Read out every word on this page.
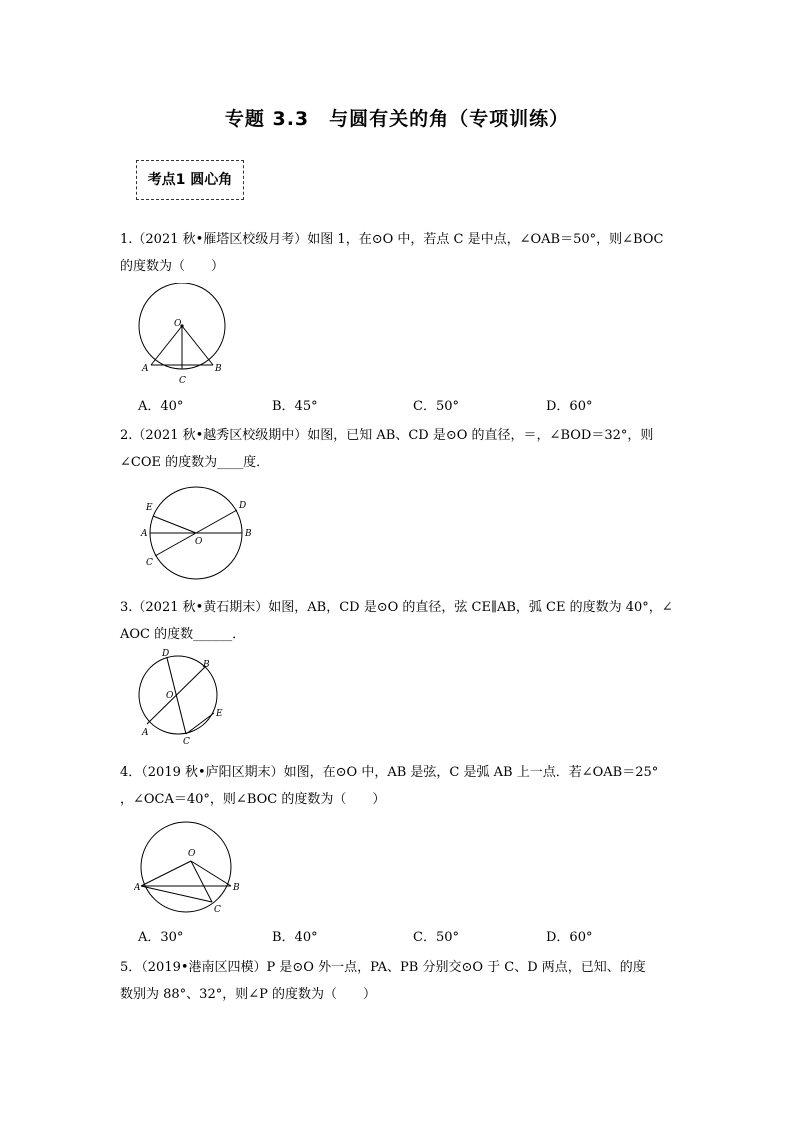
专题 3.3　与圆有关的角（专项训练）
考点1 圆心角
1.（2021 秋•雁塔区校级月考）如图 1，在⊙O 中，若点 C 是中点，∠OAB＝50°，则∠BOC
的度数为（　　）
O
A	B
C
A．40°	B．45°	C．50°	D．60°
2.（2021 秋•越秀区校级期中）如图，已知 AB、CD 是⊙O 的直径，＝，∠BOD＝32°，则
∠COE 的度数为____度．
E	D
A
O
B
C
3.（2021 秋•黄石期末）如图，AB，CD 是⊙O 的直径，弦 CE∥AB，弧 CE 的度数为 40°，∠
AOC 的度数______．
D
B
O
E
A
C
4．（2019 秋•庐阳区期末）如图，在⊙O 中，AB 是弦，C 是弧 AB 上一点．若∠OAB＝25°
，∠OCA＝40°，则∠BOC 的度数为（　　）
O
A	B
C
A．30°	B．40°	C．50°	D．60°
5．（2019•港南区四模）P 是⊙O 外一点，PA、PB 分别交⊙O 于 C、D 两点，已知、的度
数别为 88°、32°，则∠P 的度数为（　　）
